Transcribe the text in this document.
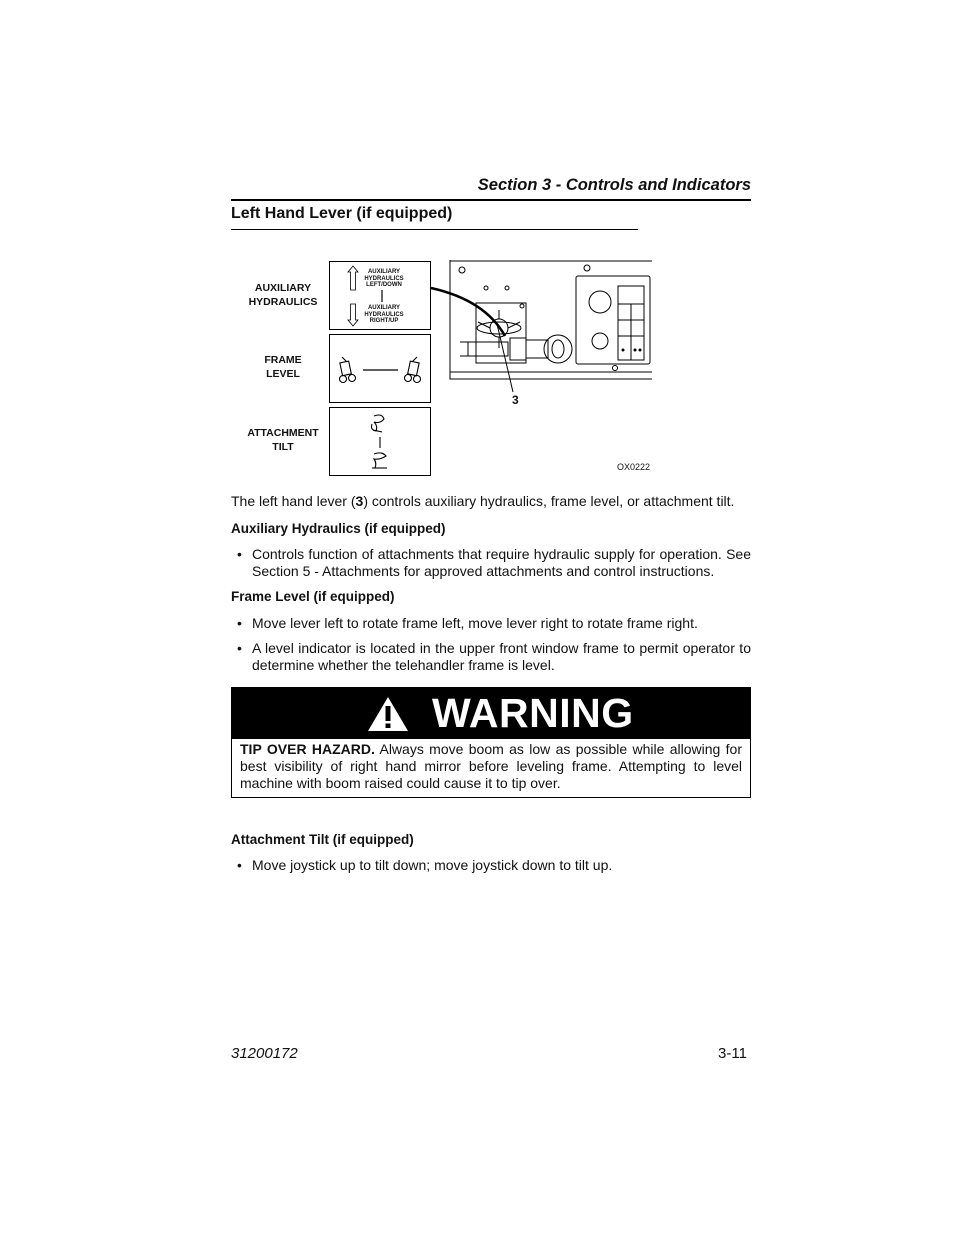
Section 3 - Controls and Indicators
Left Hand Lever (if equipped)
AUXILIARY
HYDRAULICS
FRAME
LEVEL
ATTACHMENT
TILT
AUXILIARY
HYDRAULICS
LEFT/DOWN
AUXILIARY
HYDRAULICS
RIGHT/UP
3
OX0222
The left hand lever (3) controls auxiliary hydraulics, frame level, or attachment tilt.
Auxiliary Hydraulics (if equipped)
• Controls function of attachments that require hydraulic supply for operation. See Section 5 - Attachments for approved attachments and control instructions.
Frame Level (if equipped)
• Move lever left to rotate frame left, move lever right to rotate frame right.
• A level indicator is located in the upper front window frame to permit operator to determine whether the telehandler frame is level.
WARNING
TIP OVER HAZARD. Always move boom as low as possible while allowing for best visibility of right hand mirror before leveling frame. Attempting to level machine with boom raised could cause it to tip over.
Attachment Tilt (if equipped)
• Move joystick up to tilt down; move joystick down to tilt up.
31200172	3-11
